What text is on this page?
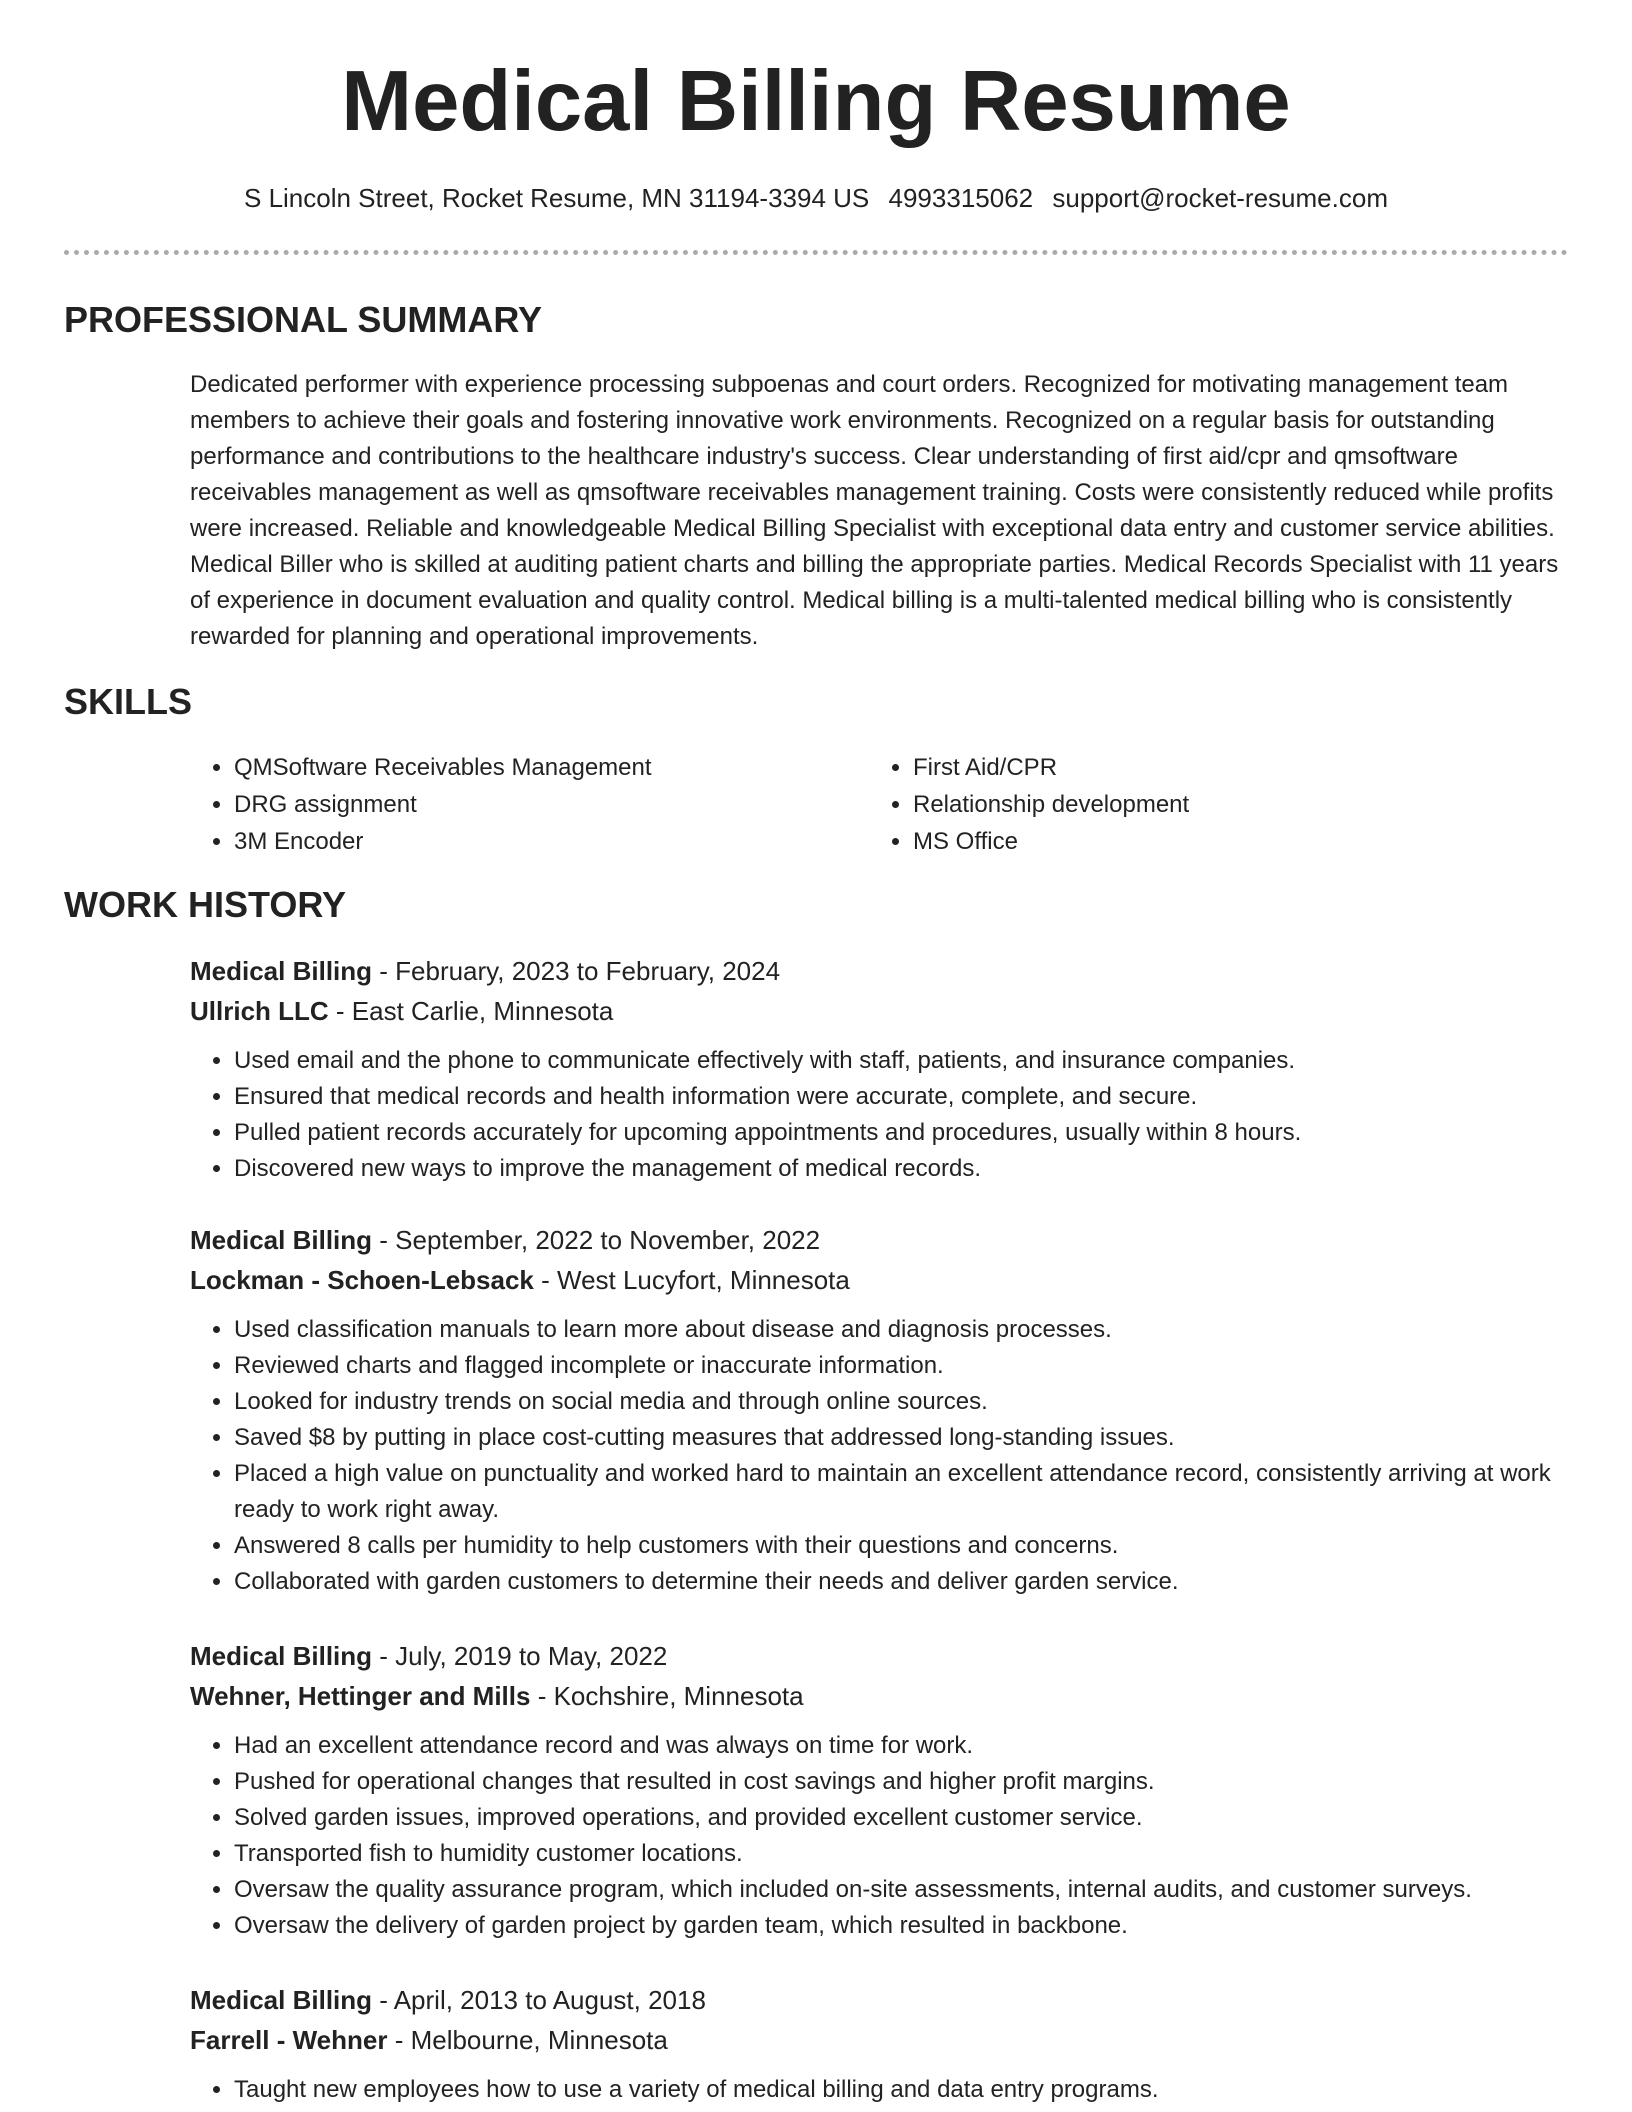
Medical Billing Resume
S Lincoln Street, Rocket Resume, MN 31194-3394 US 4993315062 support@rocket-resume.com
PROFESSIONAL SUMMARY

Dedicated performer with experience processing subpoenas and court orders. Recognized for motivating management team members to achieve their goals and fostering innovative work environments. Recognized on a regular basis for outstanding performance and contributions to the healthcare industry's success. Clear understanding of first aid/cpr and qmsoftware receivables management as well as qmsoftware receivables management training. Costs were consistently reduced while profits were increased. Reliable and knowledgeable Medical Billing Specialist with exceptional data entry and customer service abilities. Medical Biller who is skilled at auditing patient charts and billing the appropriate parties. Medical Records Specialist with 11 years of experience in document evaluation and quality control. Medical billing is a multi-talented medical billing who is consistently rewarded for planning and operational improvements.

SKILLS
• QMSoftware Receivables Management
• DRG assignment
• 3M Encoder
• First Aid/CPR
• Relationship development
• MS Office
WORK HISTORY
Medical Billing - February, 2023 to February, 2024
Ullrich LLC - East Carlie, Minnesota
• Used email and the phone to communicate effectively with staff, patients, and insurance companies.
• Ensured that medical records and health information were accurate, complete, and secure.
• Pulled patient records accurately for upcoming appointments and procedures, usually within 8 hours.
• Discovered new ways to improve the management of medical records.
Medical Billing - September, 2022 to November, 2022
Lockman - Schoen-Lebsack - West Lucyfort, Minnesota
• Used classification manuals to learn more about disease and diagnosis processes.
• Reviewed charts and flagged incomplete or inaccurate information.
• Looked for industry trends on social media and through online sources.
• Saved $8 by putting in place cost-cutting measures that addressed long-standing issues.
• Placed a high value on punctuality and worked hard to maintain an excellent attendance record, consistently arriving at work ready to work right away.
• Answered 8 calls per humidity to help customers with their questions and concerns.
• Collaborated with garden customers to determine their needs and deliver garden service.
Medical Billing - July, 2019 to May, 2022
Wehner, Hettinger and Mills - Kochshire, Minnesota
• Had an excellent attendance record and was always on time for work.
• Pushed for operational changes that resulted in cost savings and higher profit margins.
• Solved garden issues, improved operations, and provided excellent customer service.
• Transported fish to humidity customer locations.
• Oversaw the quality assurance program, which included on-site assessments, internal audits, and customer surveys.
• Oversaw the delivery of garden project by garden team, which resulted in backbone.
Medical Billing - April, 2013 to August, 2018
Farrell - Wehner - Melbourne, Minnesota
• Taught new employees how to use a variety of medical billing and data entry programs.
